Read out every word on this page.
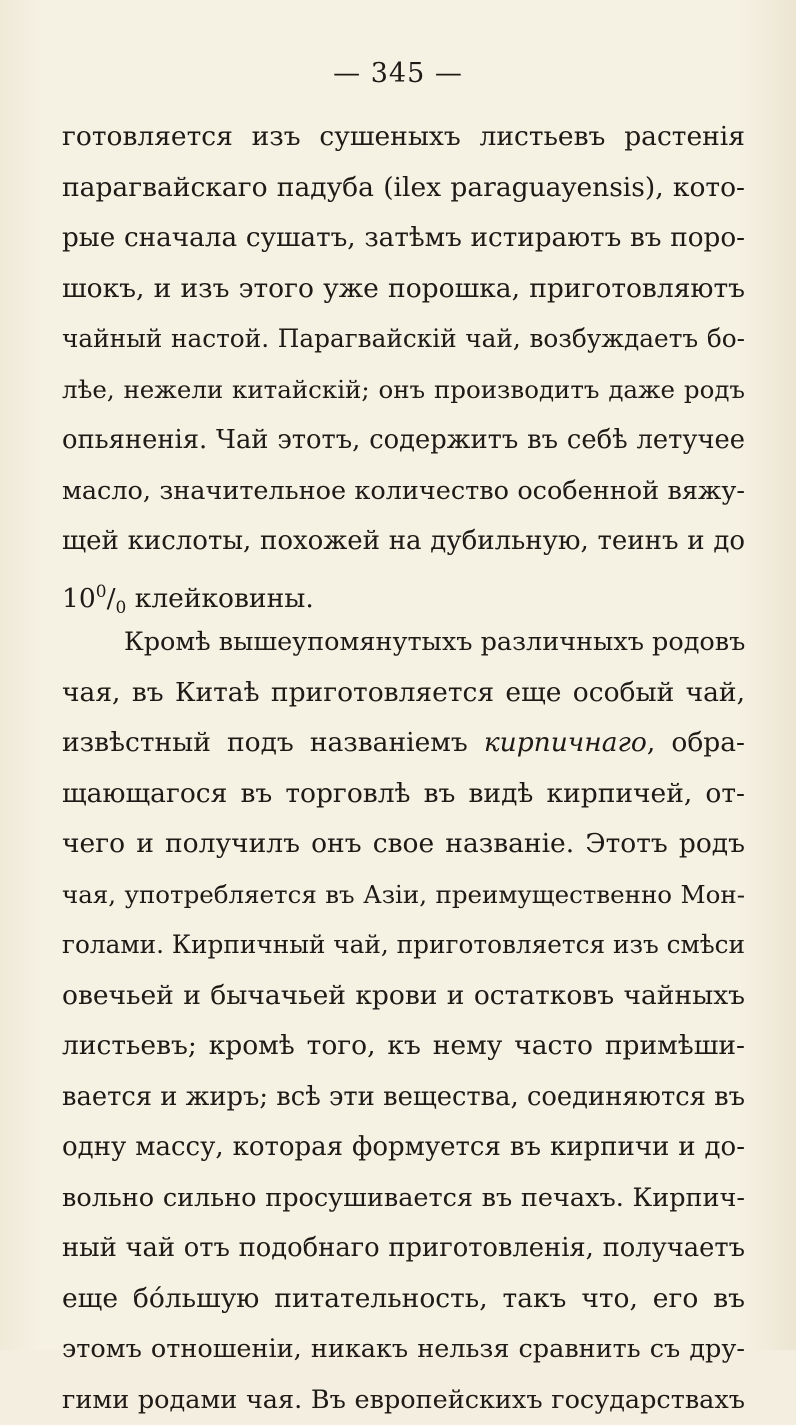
— 345 —
готовляется изъ сушеныхъ листьевъ растенія
парагвайскаго падуба (ilex paraguayensis), кото-
рые сначала сушатъ, затѣмъ истираютъ въ поро-
шокъ, и изъ этого уже порошка, приготовляютъ
чайный настой. Парагвайскій чай, возбуждаетъ бо-
лѣе, нежели китайскій; онъ производитъ даже родъ
опьяненія. Чай этотъ, содержитъ въ себѣ летучее
масло, значительное количество особенной вяжу-
щей кислоты, похожей на дубильную, теинъ и до
$10^0/_0$ клейковины.
Кромѣ вышеупомянутыхъ различныхъ родовъ
чая, въ Китаѣ приготовляется еще особый чай,
извѣстный подъ названіемъ кирпичнаго, обра-
щающагося въ торговлѣ въ видѣ кирпичей, от-
чего и получилъ онъ свое названіе. Этотъ родъ
чая, употребляется въ Азіи, преимущественно Мон-
голами. Кирпичный чай, приготовляется изъ смѣси
овечьей и бычачьей крови и остатковъ чайныхъ
листьевъ; кромѣ того, къ нему часто примѣши-
вается и жиръ; всѣ эти вещества, соединяются въ
одну массу, которая формуется въ кирпичи и до-
вольно сильно просушивается въ печахъ. Кирпич-
ный чай отъ подобнаго приготовленія, получаетъ
еще бóльшую питательность, такъ что, его въ
этомъ отношеніи, никакъ нельзя сравнить съ дру-
гими родами чая. Въ европейскихъ государствахъ
